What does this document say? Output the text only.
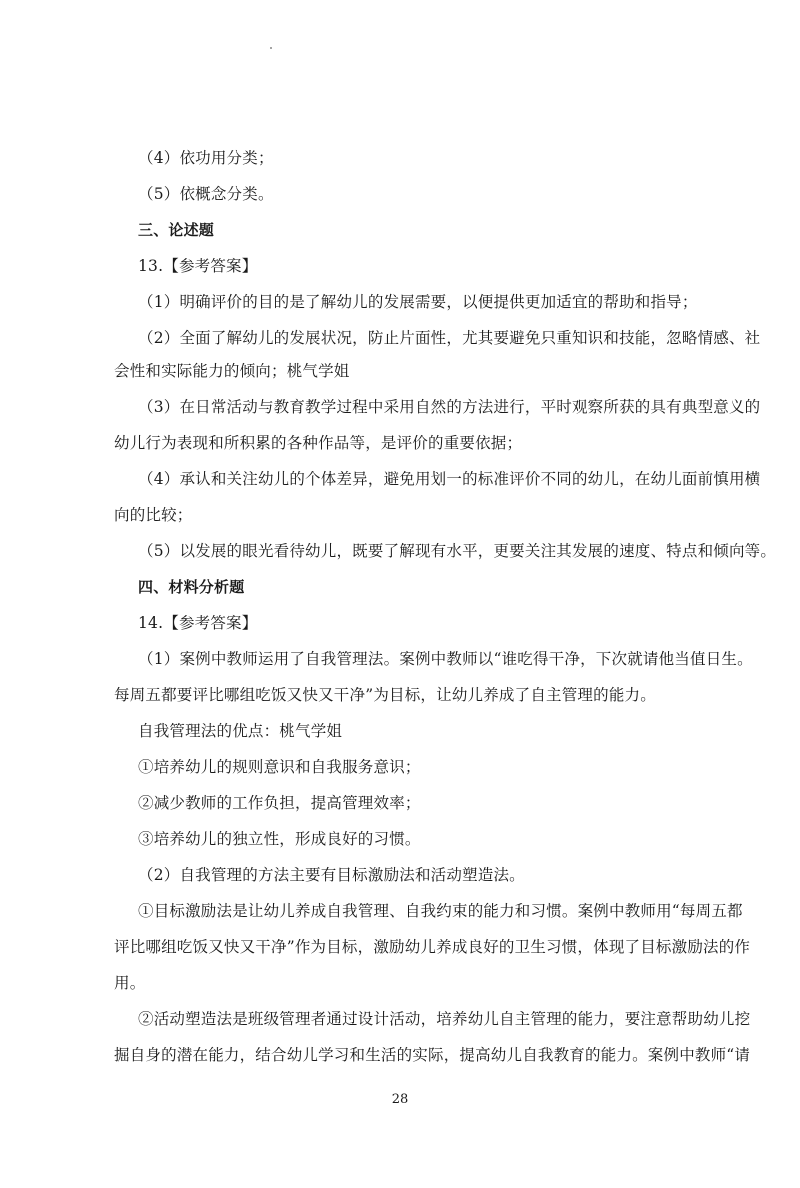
（4）依功用分类；
（5）依概念分类。
三、论述题
13.【参考答案】
（1）明确评价的目的是了解幼儿的发展需要，以便提供更加适宜的帮助和指导；
（2）全面了解幼儿的发展状况，防止片面性，尤其要避免只重知识和技能，忽略情感、社
会性和实际能力的倾向；桃气学姐
（3）在日常活动与教育教学过程中采用自然的方法进行，平时观察所获的具有典型意义的
幼儿行为表现和所积累的各种作品等，是评价的重要依据；
（4）承认和关注幼儿的个体差异，避免用划一的标准评价不同的幼儿，在幼儿面前慎用横
向的比较；
（5）以发展的眼光看待幼儿，既要了解现有水平，更要关注其发展的速度、特点和倾向等。
四、材料分析题
14.【参考答案】
（1）案例中教师运用了自我管理法。案例中教师以“谁吃得干净，下次就请他当值日生。
每周五都要评比哪组吃饭又快又干净”为目标，让幼儿养成了自主管理的能力。
自我管理法的优点：桃气学姐
①培养幼儿的规则意识和自我服务意识；
②减少教师的工作负担，提高管理效率；
③培养幼儿的独立性，形成良好的习惯。
（2）自我管理的方法主要有目标激励法和活动塑造法。
①目标激励法是让幼儿养成自我管理、自我约束的能力和习惯。案例中教师用“每周五都
评比哪组吃饭又快又干净”作为目标，激励幼儿养成良好的卫生习惯，体现了目标激励法的作
用。
②活动塑造法是班级管理者通过设计活动，培养幼儿自主管理的能力，要注意帮助幼儿挖
掘自身的潜在能力，结合幼儿学习和生活的实际，提高幼儿自我教育的能力。案例中教师“请
28
